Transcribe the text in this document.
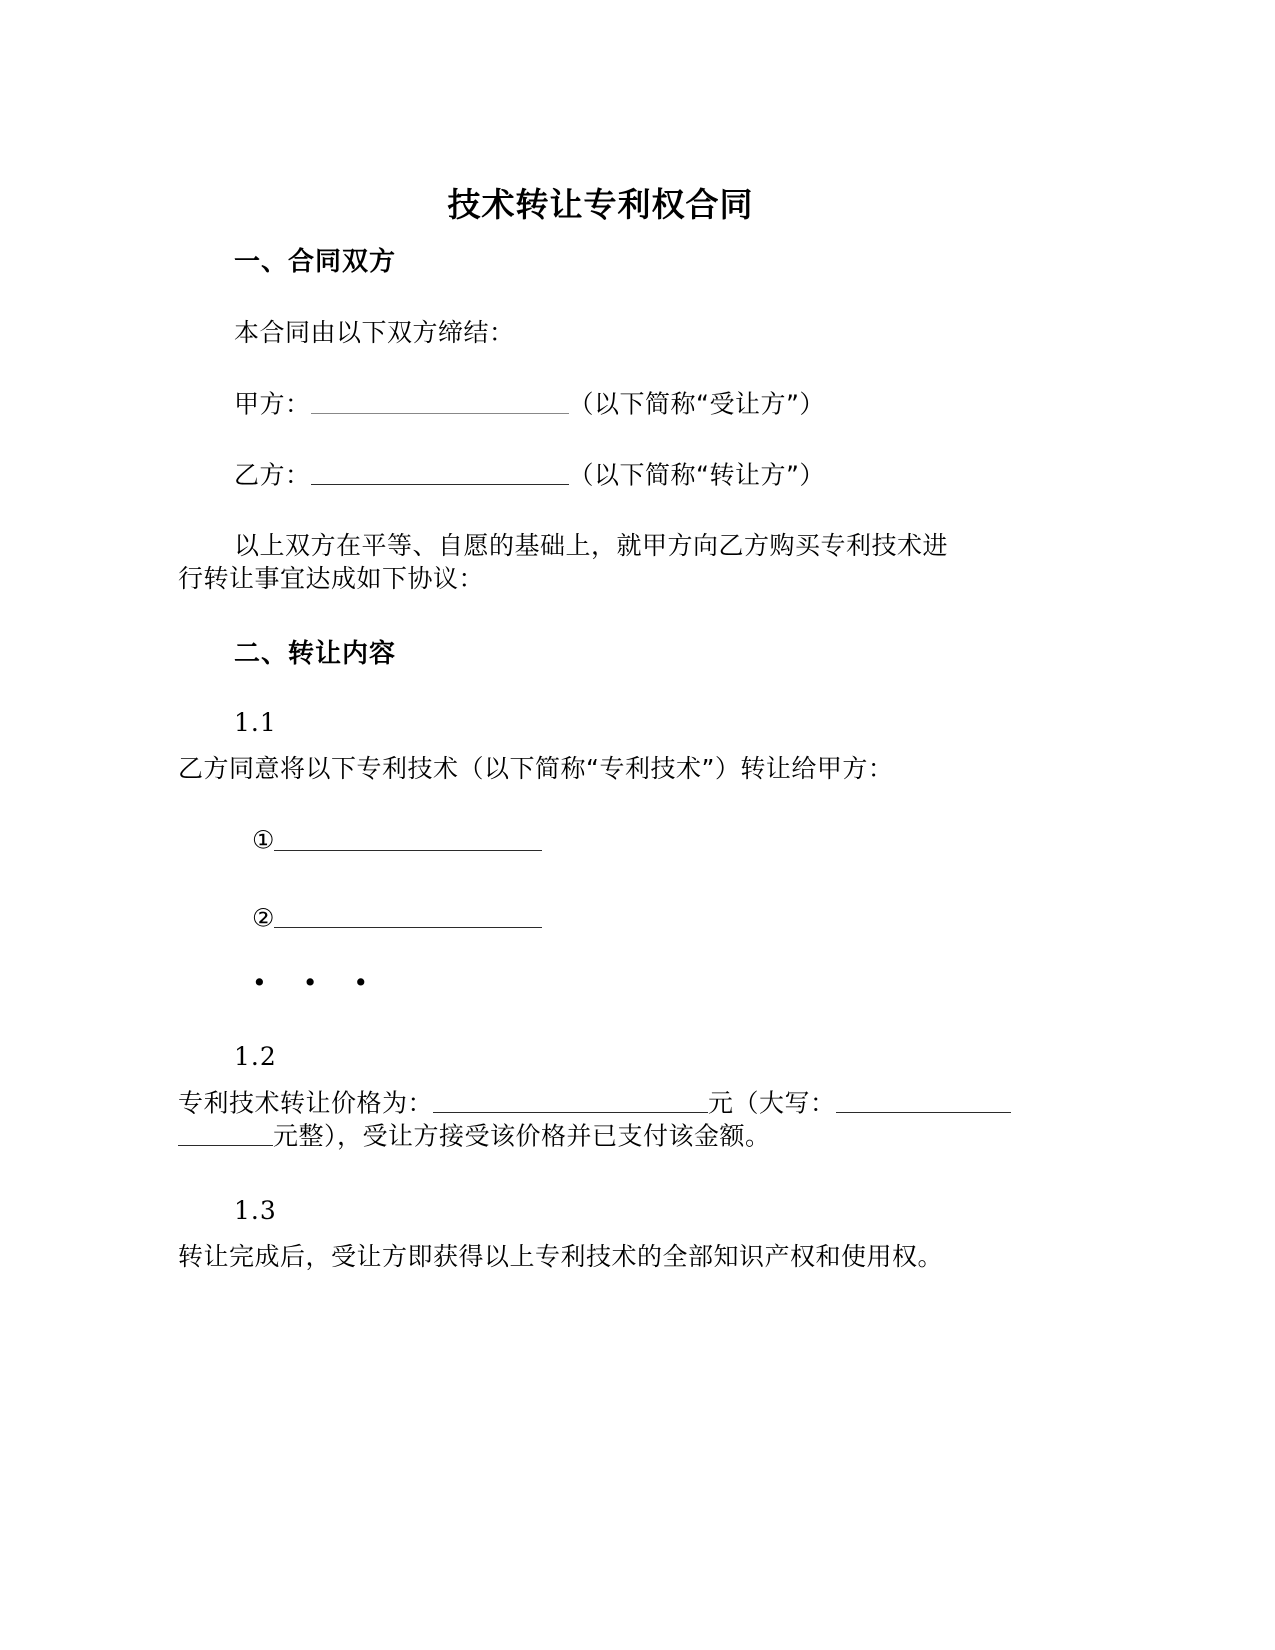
技术转让专利权合同
一、合同双方

本合同由以下双方缔结：

甲方：	（以下简称“受让方”）

乙方：	（以下简称“转让方”）

以上双方在平等、自愿的基础上，就甲方向乙方购买专利技术进

行转让事宜达成如下协议：

二、转让内容

1.1

乙方同意将以下专利技术（以下简称“专利技术”）转让给甲方：

①

②

• • •

1.2

专利技术转让价格为：	元（大写：

元整），受让方接受该价格并已支付该金额。

1.3

转让完成后，受让方即获得以上专利技术的全部知识产权和使用权。
